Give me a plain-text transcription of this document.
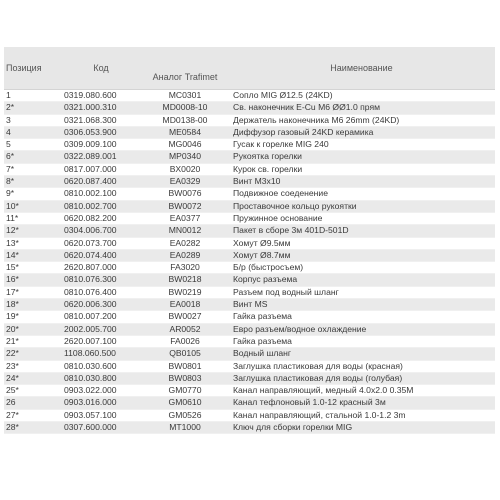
Позиция	Код	Аналог Trafimet	Наименование
1	0319.080.600	MC0301	Сопло MIG Ø12.5 (24KD)
2*	0321.000.310	MD0008-10	Св. наконечник E-Cu M6 ØØ1.0 прям
3	0321.068.300	MD0138-00	Держатель наконечника M6 26mm (24KD)
4	0306.053.900	ME0584	Диффузор газовый 24KD керамика
5	0309.009.100	MG0046	Гусак к горелке MIG 240
6*	0322.089.001	MP0340	Рукоятка горелки
7*	0817.007.000	BX0020	Курок св. горелки
8*	0620.087.400	EA0329	Винт M3x10
9*	0810.002.100	BW0076	Подвижное соеденение
10*	0810.002.700	BW0072	Проставочное кольцо рукоятки
11*	0620.082.200	EA0377	Пружинное основание
12*	0304.006.700	MN0012	Пакет в сборе 3м 401D-501D
13*	0620.073.700	EA0282	Хомут Ø9.5мм
14*	0620.074.400	EA0289	Хомут Ø8.7мм
15*	2620.807.000	FA3020	Б/р (быстросъем)
16*	0810.076.300	BW0218	Корпус разъема
17*	0810.076.400	BW0219	Разъем под водный шланг
18*	0620.006.300	EA0018	Винт MS
19*	0810.007.200	BW0027	Гайка разъема
20*	2002.005.700	AR0052	Евро разъем/водное охлаждение
21*	2620.007.100	FA0026	Гайка разъема
22*	1108.060.500	QB0105	Водный шланг
23*	0810.030.600	BW0801	Заглушка пластиковая для воды (красная)
24*	0810.030.800	BW0803	Заглушка пластиковая для воды (голубая)
25*	0903.022.000	GM0770	Канал направляющий, медный 4.0x2.0 0.35M
26	0903.016.000	GM0610	Канал тефлоновый 1.0-12 красный 3м
27*	0903.057.100	GM0526	Канал направляющий, стальной 1.0-1.2 3m
28*	0307.600.000	MT1000	Ключ для сборки горелки MIG
